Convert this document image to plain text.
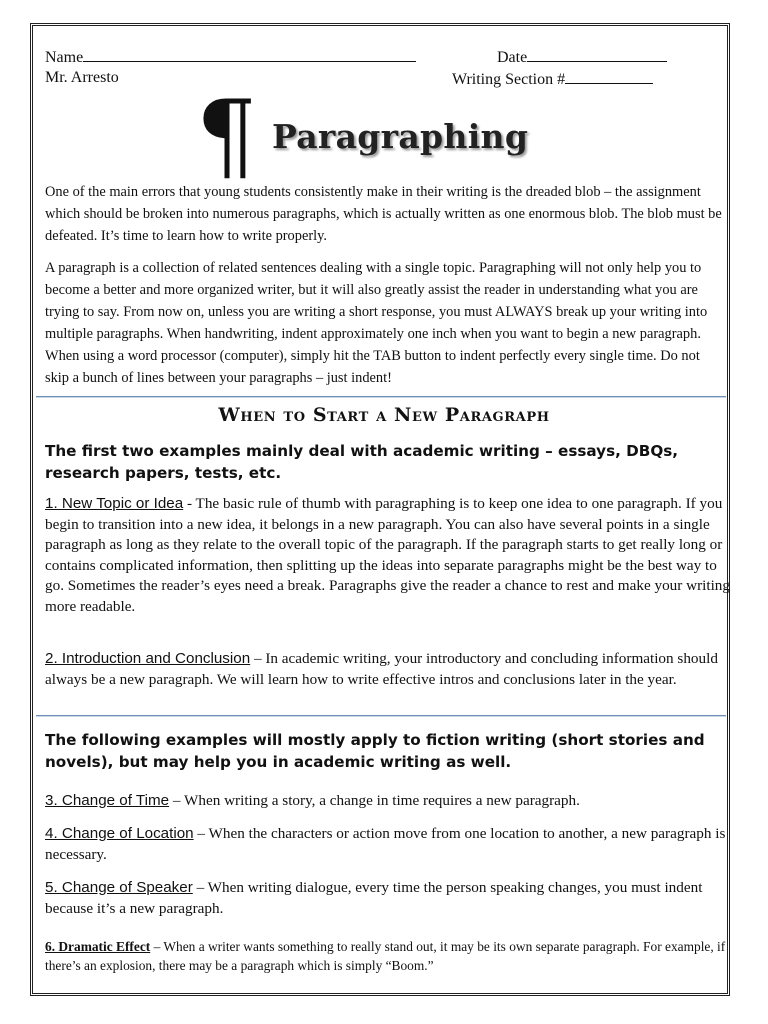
Name	Date
Mr. Arresto	Writing Section #
¶ Paragraphing
One of the main errors that young students consistently make in their writing is the dreaded blob – the assignment which should be broken into numerous paragraphs, which is actually written as one enormous blob. The blob must be defeated. It’s time to learn how to write properly.
A paragraph is a collection of related sentences dealing with a single topic. Paragraphing will not only help you to become a better and more organized writer, but it will also greatly assist the reader in understanding what you are trying to say. From now on, unless you are writing a short response, you must ALWAYS break up your writing into multiple paragraphs. When handwriting, indent approximately one inch when you want to begin a new paragraph. When using a word processor (computer), simply hit the TAB button to indent perfectly every single time. Do not skip a bunch of lines between your paragraphs – just indent!
When to Start a New Paragraph
The first two examples mainly deal with academic writing – essays, DBQs, research papers, tests, etc.
1. New Topic or Idea - The basic rule of thumb with paragraphing is to keep one idea to one paragraph. If you begin to transition into a new idea, it belongs in a new paragraph. You can also have several points in a single paragraph as long as they relate to the overall topic of the paragraph. If the paragraph starts to get really long or contains complicated information, then splitting up the ideas into separate paragraphs might be the best way to go. Sometimes the reader’s eyes need a break. Paragraphs give the reader a chance to rest and make your writing more readable.
2. Introduction and Conclusion – In academic writing, your introductory and concluding information should always be a new paragraph. We will learn how to write effective intros and conclusions later in the year.
The following examples will mostly apply to fiction writing (short stories and novels), but may help you in academic writing as well.
3. Change of Time – When writing a story, a change in time requires a new paragraph.
4. Change of Location – When the characters or action move from one location to another, a new paragraph is necessary.
5. Change of Speaker – When writing dialogue, every time the person speaking changes, you must indent because it’s a new paragraph.
6. Dramatic Effect – When a writer wants something to really stand out, it may be its own separate paragraph. For example, if there’s an explosion, there may be a paragraph which is simply “Boom.”
